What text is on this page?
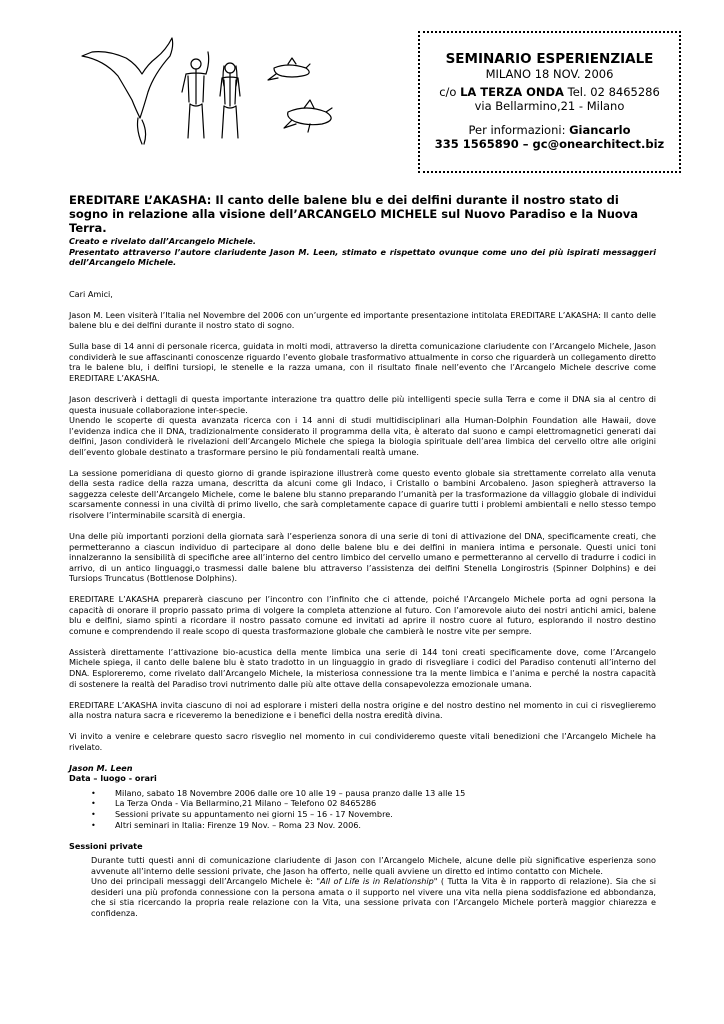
SEMINARIO ESPERIENZIALE
MILANO 18 NOV. 2006
c/o LA TERZA ONDA Tel. 02 8465286
via Bellarmino,21 - Milano
Per informazioni: Giancarlo
335 1565890 – gc@onearchitect.biz
EREDITARE L’AKASHA: Il canto delle balene blu e dei delfini durante il nostro stato di sogno in relazione alla visione dell’ARCANGELO MICHELE sul Nuovo Paradiso e la Nuova Terra.

Creato e rivelato dall’Arcangelo Michele.

Presentato attraverso l’autore clariudente Jason M. Leen, stimato e rispettato ovunque come uno dei più ispirati messaggeri dell’Arcangelo Michele.

Cari Amici,

Jason M. Leen visiterà l’Italia nel Novembre del 2006 con un’urgente ed importante presentazione intitolata EREDITARE L’AKASHA: Il canto delle balene blu e dei delfini durante il nostro stato di sogno.

Sulla base di 14 anni di personale ricerca, guidata in molti modi, attraverso la diretta comunicazione clariudente con l’Arcangelo Michele, Jason condividerà le sue affascinanti conoscenze riguardo l’evento globale trasformativo attualmente in corso che riguarderà un collegamento diretto tra le balene blu, i delfini tursiopi, le stenelle e la razza umana, con il risultato finale nell’evento che l’Arcangelo Michele descrive come EREDITARE L’AKASHA.

Jason descriverà i dettagli di questa importante interazione tra quattro delle più intelligenti specie sulla Terra e come il DNA sia al centro di questa inusuale collaborazione inter-specie.

Unendo le scoperte di questa avanzata ricerca con i 14 anni di studi multidisciplinari alla Human-Dolphin Foundation alle Hawaii, dove l’evidenza indica che il DNA, tradizionalmente considerato il programma della vita, è alterato dal suono e campi elettromagnetici generati dai delfini, Jason condividerà le rivelazioni dell’Arcangelo Michele che spiega la biologia spirituale dell’area limbica del cervello oltre alle origini dell’evento globale destinato a trasformare persino le più fondamentali realtà umane.

La sessione pomeridiana di questo giorno di grande ispirazione illustrerà come questo evento globale sia strettamente correlato alla venuta della sesta radice della razza umana, descritta da alcuni come gli Indaco, i Cristallo o bambini Arcobaleno. Jason spiegherà attraverso la saggezza celeste dell’Arcangelo Michele, come le balene blu stanno preparando l’umanità per la trasformazione da villaggio globale di individui scarsamente connessi in una civiltà di primo livello, che sarà completamente capace di guarire tutti i problemi ambientali e nello stesso tempo risolvere l’interminabile scarsità di energia.

Una delle più importanti porzioni della giornata sarà l’esperienza sonora di una serie di toni di attivazione del DNA, specificamente creati, che permetteranno a ciascun individuo di partecipare al dono delle balene blu e dei delfini in maniera intima e personale. Questi unici toni innalzeranno la sensibilità di specifiche aree all’interno del centro limbico del cervello umano e permetteranno al cervello di tradurre i codici in arrivo, di un antico linguaggi,o trasmessi dalle balene blu attraverso l’assistenza dei delfini Stenella Longirostris (Spinner Dolphins) e dei Tursiops Truncatus (Bottlenose Dolphins).

EREDITARE L’AKASHA preparerà ciascuno per l’incontro con l’infinito che ci attende, poiché l’Arcangelo Michele porta ad ogni persona la capacità di onorare il proprio passato prima di volgere la completa attenzione al futuro. Con l’amorevole aiuto dei nostri antichi amici, balene blu e delfini, siamo spinti a ricordare il nostro passato comune ed invitati ad aprire il nostro cuore al futuro, esplorando il nostro destino comune e comprendendo il reale scopo di questa trasformazione globale che cambierà le nostre vite per sempre.

Assisterà direttamente l’attivazione bio-acustica della mente limbica una serie di 144 toni creati specificamente dove, come l’Arcangelo Michele spiega, il canto delle balene blu è stato tradotto in un linguaggio in grado di risvegliare i codici del Paradiso contenuti all’interno del DNA. Esploreremo, come rivelato dall’Arcangelo Michele, la misteriosa connessione tra la mente limbica e l’anima e perché la nostra capacità di sostenere la realtà del Paradiso trovi nutrimento dalle più alte ottave della consapevolezza emozionale umana.

EREDITARE L’AKASHA invita ciascuno di noi ad esplorare i misteri della nostra origine e del nostro destino nel momento in cui ci risveglieremo alla nostra natura sacra e riceveremo la benedizione e i benefici della nostra eredità divina.

Vi invito a venire e celebrare questo sacro risveglio nel momento in cui condivideremo queste vitali benedizioni che l’Arcangelo Michele ha rivelato.

Jason M. Leen

Data – luogo - orari

• Milano, sabato 18 Novembre 2006 dalle ore 10 alle 19 – pausa pranzo dalle 13 alle 15
• La Terza Onda - Via Bellarmino,21 Milano – Telefono 02 8465286
• Sessioni private su appuntamento nei giorni 15 – 16 - 17 Novembre.
• Altri seminari in Italia: Firenze 19 Nov. – Roma 23 Nov. 2006.

Sessioni private

Durante tutti questi anni di comunicazione clariudente di Jason con l’Arcangelo Michele, alcune delle più significative esperienza sono avvenute all’interno delle sessioni private, che Jason ha offerto, nelle quali avviene un diretto ed intimo contatto con Michele.

Uno dei principali messaggi dell’Arcangelo Michele è: "All of Life is in Relationship" ( Tutta la Vita è in rapporto di relazione). Sia che si desideri una più profonda connessione con la persona amata o il supporto nel vivere una vita nella piena soddisfazione ed abbondanza, che si stia ricercando la propria reale relazione con la Vita, una sessione privata con l’Arcangelo Michele porterà maggior chiarezza e confidenza.
